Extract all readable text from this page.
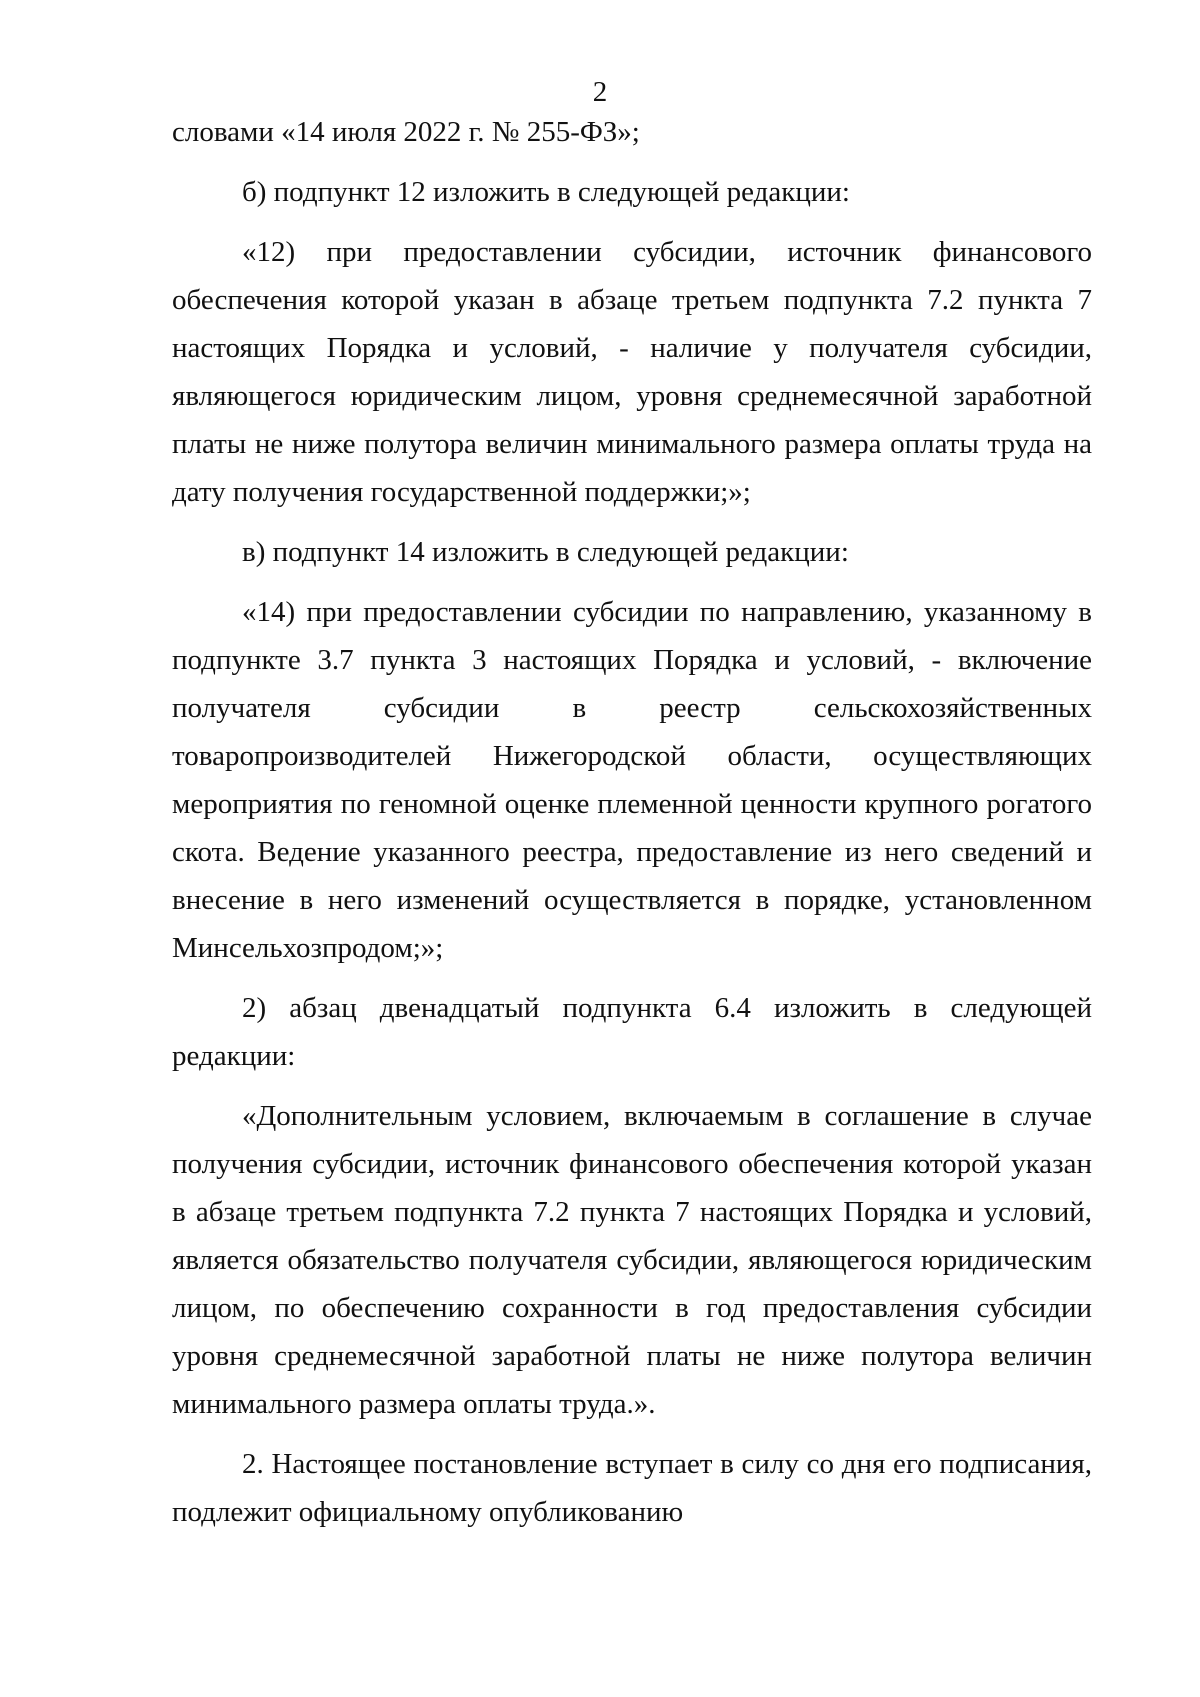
2

словами «14 июля 2022 г. № 255-ФЗ»;

б) подпункт 12 изложить в следующей редакции:

«12) при предоставлении субсидии, источник финансового обеспечения которой указан в абзаце третьем подпункта 7.2 пункта 7 настоящих Порядка и условий, - наличие у получателя субсидии, являющегося юридическим лицом, уровня среднемесячной заработной платы не ниже полутора величин минимального размера оплаты труда на дату получения государственной поддержки;»;

в) подпункт 14 изложить в следующей редакции:

«14) при предоставлении субсидии по направлению, указанному в подпункте 3.7 пункта 3 настоящих Порядка и условий, - включение получателя субсидии в реестр сельскохозяйственных товаропроизводителей Нижегородской области, осуществляющих мероприятия по геномной оценке племенной ценности крупного рогатого скота. Ведение указанного реестра, предоставление из него сведений и внесение в него изменений осуществляется в порядке, установленном Минсельхозпродом;»;

2) абзац двенадцатый подпункта 6.4 изложить в следующей редакции:

«Дополнительным условием, включаемым в соглашение в случае получения субсидии, источник финансового обеспечения которой указан в абзаце третьем подпункта 7.2 пункта 7 настоящих Порядка и условий, является обязательство получателя субсидии, являющегося юридическим лицом, по обеспечению сохранности в год предоставления субсидии уровня среднемесячной заработной платы не ниже полутора величин минимального размера оплаты труда.».

2. Настоящее постановление вступает в силу со дня его подписания, подлежит официальному опубликованию
